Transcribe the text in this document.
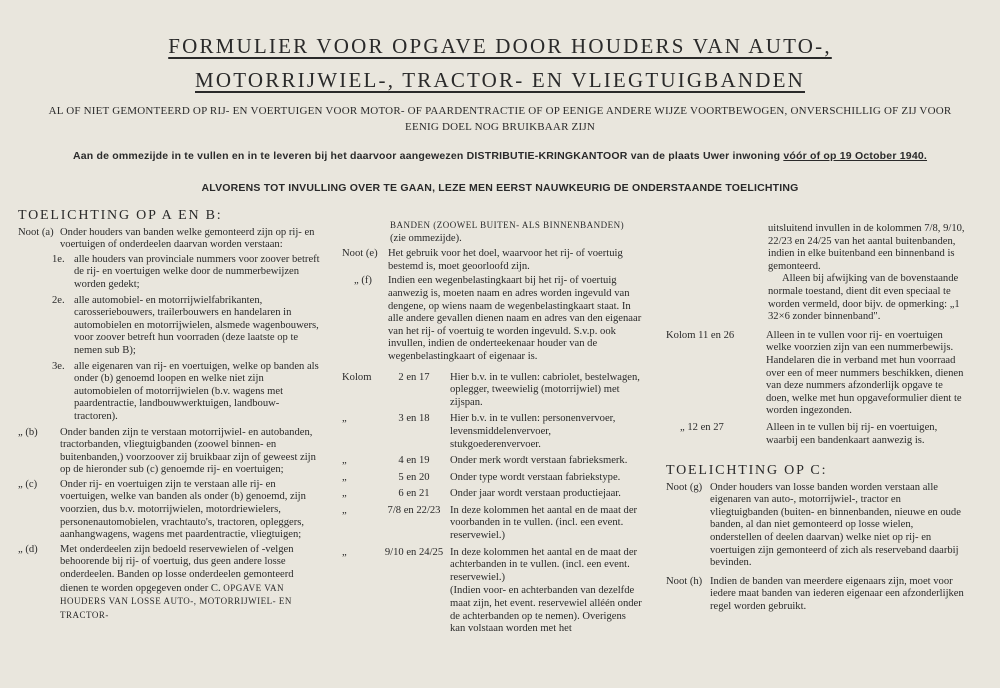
FORMULIER VOOR OPGAVE DOOR HOUDERS VAN AUTO-,
MOTORRIJWIEL-, TRACTOR- EN VLIEGTUIGBANDEN
AL OF NIET GEMONTEERD OP RIJ- EN VOERTUIGEN VOOR MOTOR- OF PAARDENTRACTIE OF OP EENIGE ANDERE WIJZE VOORTBEWOGEN, ONVERSCHILLIG OF ZIJ VOOR
EENIG DOEL NOG BRUIKBAAR ZIJN
Aan de ommezijde in te vullen en in te leveren bij het daarvoor aangewezen DISTRIBUTIE-KRINGKANTOOR van de plaats Uwer inwoning vóór of op 19 October 1940.
ALVORENS TOT INVULLING OVER TE GAAN, LEZE MEN EERST NAUWKEURIG DE ONDERSTAANDE TOELICHTING
TOELICHTING OP A EN B:
Noot (a) Onder houders van banden welke gemonteerd zijn op rij- en voertuigen of onderdeelen daarvan worden verstaan:
1e. alle houders van provinciale nummers voor zoover betreft de rij- en voertuigen welke door de nummerbewijzen worden gedekt;
2e. alle automobiel- en motorrijwielfabrikanten, carosseriebouwers, trailerbouwers en handelaren in automobielen en motorrijwielen, alsmede wagenbouwers, voor zoover betreft hun voorraden (deze laatste op te nemen sub B);
3e. alle eigenaren van rij- en voertuigen, welke op banden als onder (b) genoemd loopen en welke niet zijn automobielen of motorrijwielen (b.v. wagens met paardentractie, landbouwwerktuigen, landbouw-tractoren).
„ (b)	Onder banden zijn te verstaan motorrijwiel- en autobanden, tractorbanden, vliegtuigbanden (zoowel binnen- en buitenbanden,) voorzoover zij bruikbaar zijn of geweest zijn op de hieronder sub (c) genoemde rij- en voertuigen;
„ (c)	Onder rij- en voertuigen zijn te verstaan alle rij- en voertuigen, welke van banden als onder (b) genoemd, zijn voorzien, dus b.v. motorrijwielen, motordriewielers, personenautomobielen, vrachtauto's, tractoren, opleggers, aanhangwagens, wagens met paardentractie, vliegtuigen;
„ (d)	Met onderdeelen zijn bedoeld reservewielen of -velgen behoorende bij rij- of voertuig, dus geen andere losse onderdeelen. Banden op losse onderdeelen gemonteerd dienen te worden opgegeven onder C. OPGAVE VAN HOUDERS VAN LOSSE AUTO-, MOTORRIJWIEL- EN TRACTOR-
BANDEN (ZOOWEL BUITEN- ALS BINNENBANDEN) (zie ommezijde).
Noot (e) Het gebruik voor het doel, waarvoor het rij- of voertuig bestemd is, moet geoorloofd zijn.
„ (f)	Indien een wegenbelastingkaart bij het rij- of voertuig aanwezig is, moeten naam en adres worden ingevuld van dengene, op wiens naam de wegenbelastingkaart staat. In alle andere gevallen dienen naam en adres van den eigenaar van het rij- of voertuig te worden ingevuld. S.v.p. ook invullen, indien de onderteekenaar houder van de wegenbelastingkaart of eigenaar is.
Kolom	2 en 17	Hier b.v. in te vullen: cabriolet, bestelwagen, oplegger, tweewielig (motorrijwiel) met zijspan.
„	3 en 18	Hier b.v. in te vullen: personenvervoer, levensmiddelenvervoer, stukgoederenvervoer.
„	4 en 19	Onder merk wordt verstaan fabrieksmerk.
„	5 en 20	Onder type wordt verstaan fabriekstype.
„	6 en 21	Onder jaar wordt verstaan productiejaar.
„	7/8 en 22/23 In deze kolommen het aantal en de maat der voorbanden in te vullen. (incl. een event. reservewiel.)
„	9/10 en 24/25 In deze kolommen het aantal en de maat der achterbanden in te vullen. (incl. een event. reservewiel.)
(Indien voor- en achterbanden van dezelfde maat zijn, het event. reservewiel alléén onder de achterbanden op te nemen). Overigens kan volstaan worden met het
uitsluitend invullen in de kolommen 7/8, 9/10, 22/23 en 24/25 van het aantal buitenbanden, indien in elke buitenband een binnenband is gemonteerd.
Alleen bij afwijking van de bovenstaande normale toestand, dient dit even speciaal te worden vermeld, door bijv. de opmerking: „1 32×6 zonder binnenband".
Kolom 11 en 26	Alleen in te vullen voor rij- en voertuigen welke voorzien zijn van een nummerbewijs. Handelaren die in verband met hun voorraad over een of meer nummers beschikken, dienen van deze nummers afzonderlijk opgave te doen, welke met hun opgaveformulier dient te worden ingezonden.
„ 12 en 27	Alleen in te vullen bij rij- en voertuigen, waarbij een bandenkaart aanwezig is.
TOELICHTING OP C:
Noot (g) Onder houders van losse banden worden verstaan alle eigenaren van auto-, motorrijwiel-, tractor en vliegtuigbanden (buiten- en binnenbanden, nieuwe en oude banden, al dan niet gemonteerd op losse wielen, onderstellen of deelen daarvan) welke niet op rij- en voertuigen zijn gemonteerd of zich als reserveband daarbij bevinden.
Noot (h) Indien de banden van meerdere eigenaars zijn, moet voor iedere maat banden van iederen eigenaar een afzonderlijken regel worden gebruikt.
